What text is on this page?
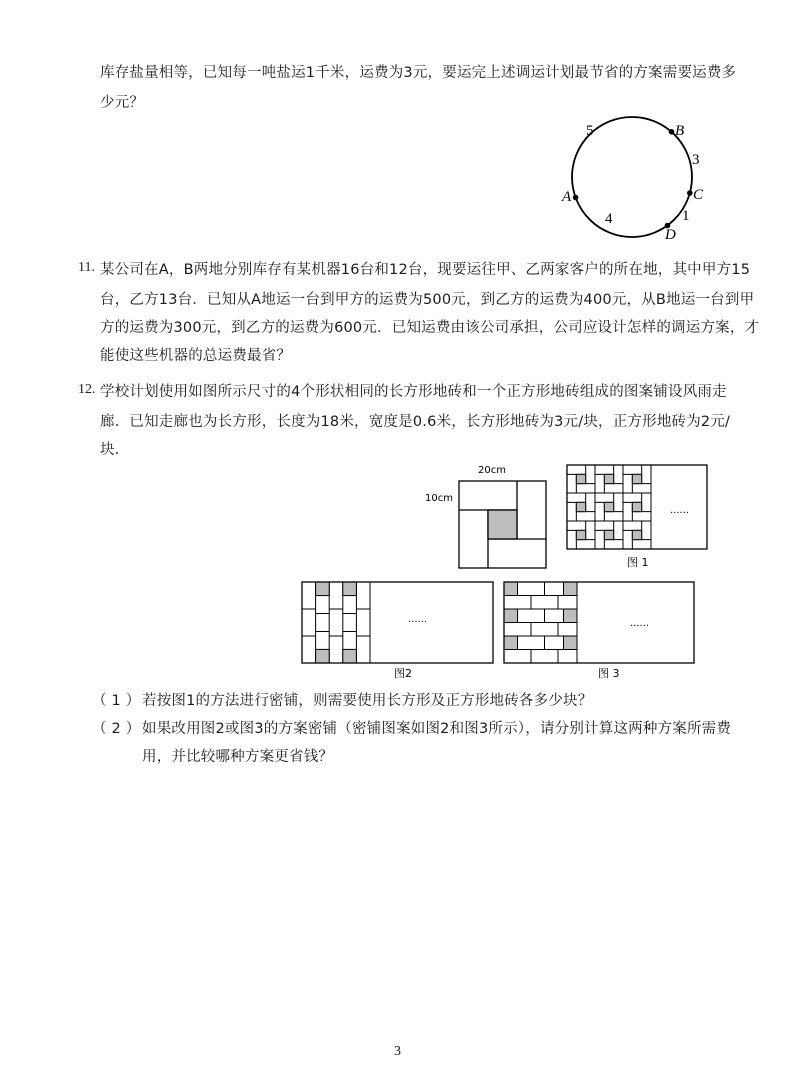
库存盐量相等，已知每一吨盐运1千米，运费为3元，要运完上述调运计划最节省的方案需要运费多
少元？
A
B
C
D
5
3
1
4
11. 某公司在A，B两地分别库存有某机器16台和12台，现要运往甲、乙两家客户的所在地，其中甲方15
台，乙方13台．已知从A地运一台到甲方的运费为500元，到乙方的运费为400元，从B地运一台到甲
方的运费为300元，到乙方的运费为600元．已知运费由该公司承担，公司应设计怎样的调运方案，才
能使这些机器的总运费最省？
12. 学校计划使用如图所示尺寸的4个形状相同的长方形地砖和一个正方形地砖组成的图案铺设风雨走
廊．已知走廊也为长方形，长度为18米，宽度是0.6米，长方形地砖为3元/块，正方形地砖为2元/
块．
20cm
10cm
......
图 1
......
图2
......
图 3
（ 1 ） 若按图1的方法进行密铺，则需要使用长方形及正方形地砖各多少块？
（ 2 ） 如果改用图2或图3的方案密铺（密铺图案如图2和图3所示），请分别计算这两种方案所需费
用，并比较哪种方案更省钱？
3
